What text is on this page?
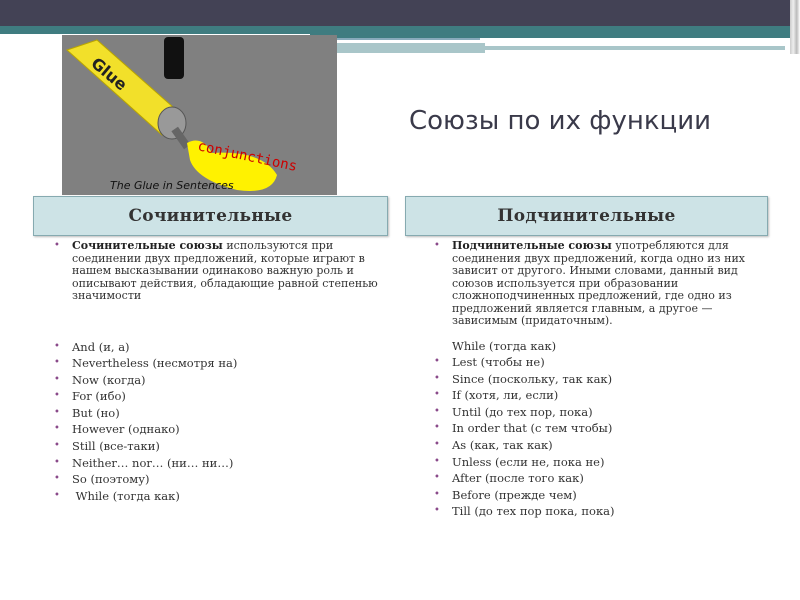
Glue
conjunctions
The Glue in Sentences
Союзы по их функции
Сочинительные	Подчинительные
• Сочинительные союзы используются при соединении двух предложений, которые играют в нашем высказывании одинаково важную роль и описывают действия, обладающие равной степенью значимости
• And (и, а)
• Nevertheless (несмотря на)
• Now (когда)
• For (ибо)
• But (но)
• However (однако)
• Still (все-таки)
• Neither… nor… (ни… ни…)
• So (поэтому)
•  While (тогда как)
• Подчинительные союзы употребляются для соединения двух предложений, когда одно из них зависит от другого. Иными словами, данный вид союзов используется при образовании сложноподчиненных предложений, где одно из предложений является главным, а другое — зависимым (придаточным).
While (тогда как)
• Lest (чтобы не)
• Since (поскольку, так как)
• If (хотя, ли, если)
• Until (до тех пор, пока)
• In order that (с тем чтобы)
• As (как, так как)
• Unless (если не, пока не)
• After (после того как)
• Before (прежде чем)
• Till (до тех пор пока, пока)
